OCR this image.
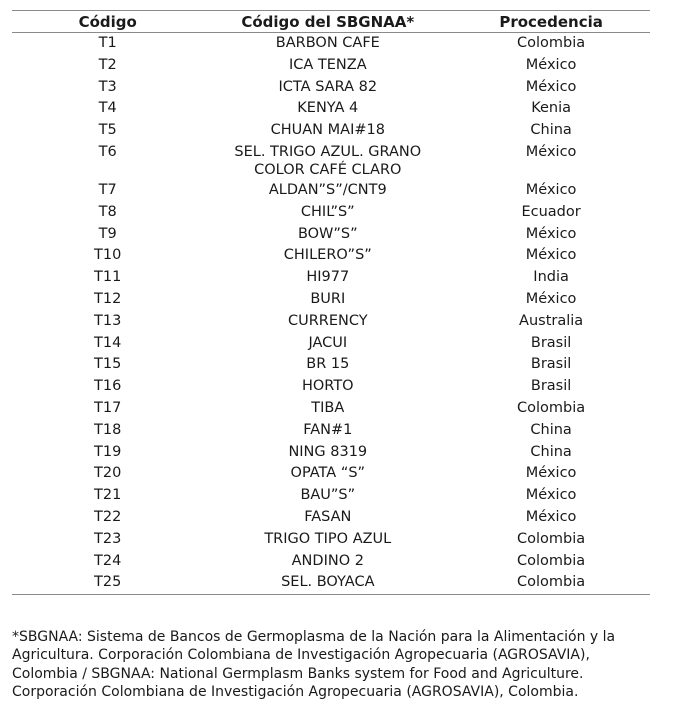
Código	Código del SBGNAA*	Procedencia
T1	BARBON CAFE	Colombia
T2	ICA TENZA	México
T3	ICTA SARA 82	México
T4	KENYA 4	Kenia
T5	CHUAN MAI#18	China
T6	SEL. TRIGO AZUL. GRANO COLOR CAFÉ CLARO	México
T7	ALDAN”S”/CNT9	México
T8	CHIL”S”	Ecuador
T9	BOW”S”	México
T10	CHILERO”S”	México
T11	HI977	India
T12	BURI	México
T13	CURRENCY	Australia
T14	JACUI	Brasil
T15	BR 15	Brasil
T16	HORTO	Brasil
T17	TIBA	Colombia
T18	FAN#1	China
T19	NING 8319	China
T20	OPATA “S”	México
T21	BAU”S”	México
T22	FASAN	México
T23	TRIGO TIPO AZUL	Colombia
T24	ANDINO 2	Colombia
T25	SEL. BOYACA	Colombia
*SBGNAA: Sistema de Bancos de Germoplasma de la Nación para la Alimentación y la Agricultura. Corporación Colombiana de Investigación Agropecuaria (AGROSAVIA), Colombia / SBGNAA: National Germplasm Banks system for Food and Agriculture. Corporación Colombiana de Investigación Agropecuaria (AGROSAVIA), Colombia.
